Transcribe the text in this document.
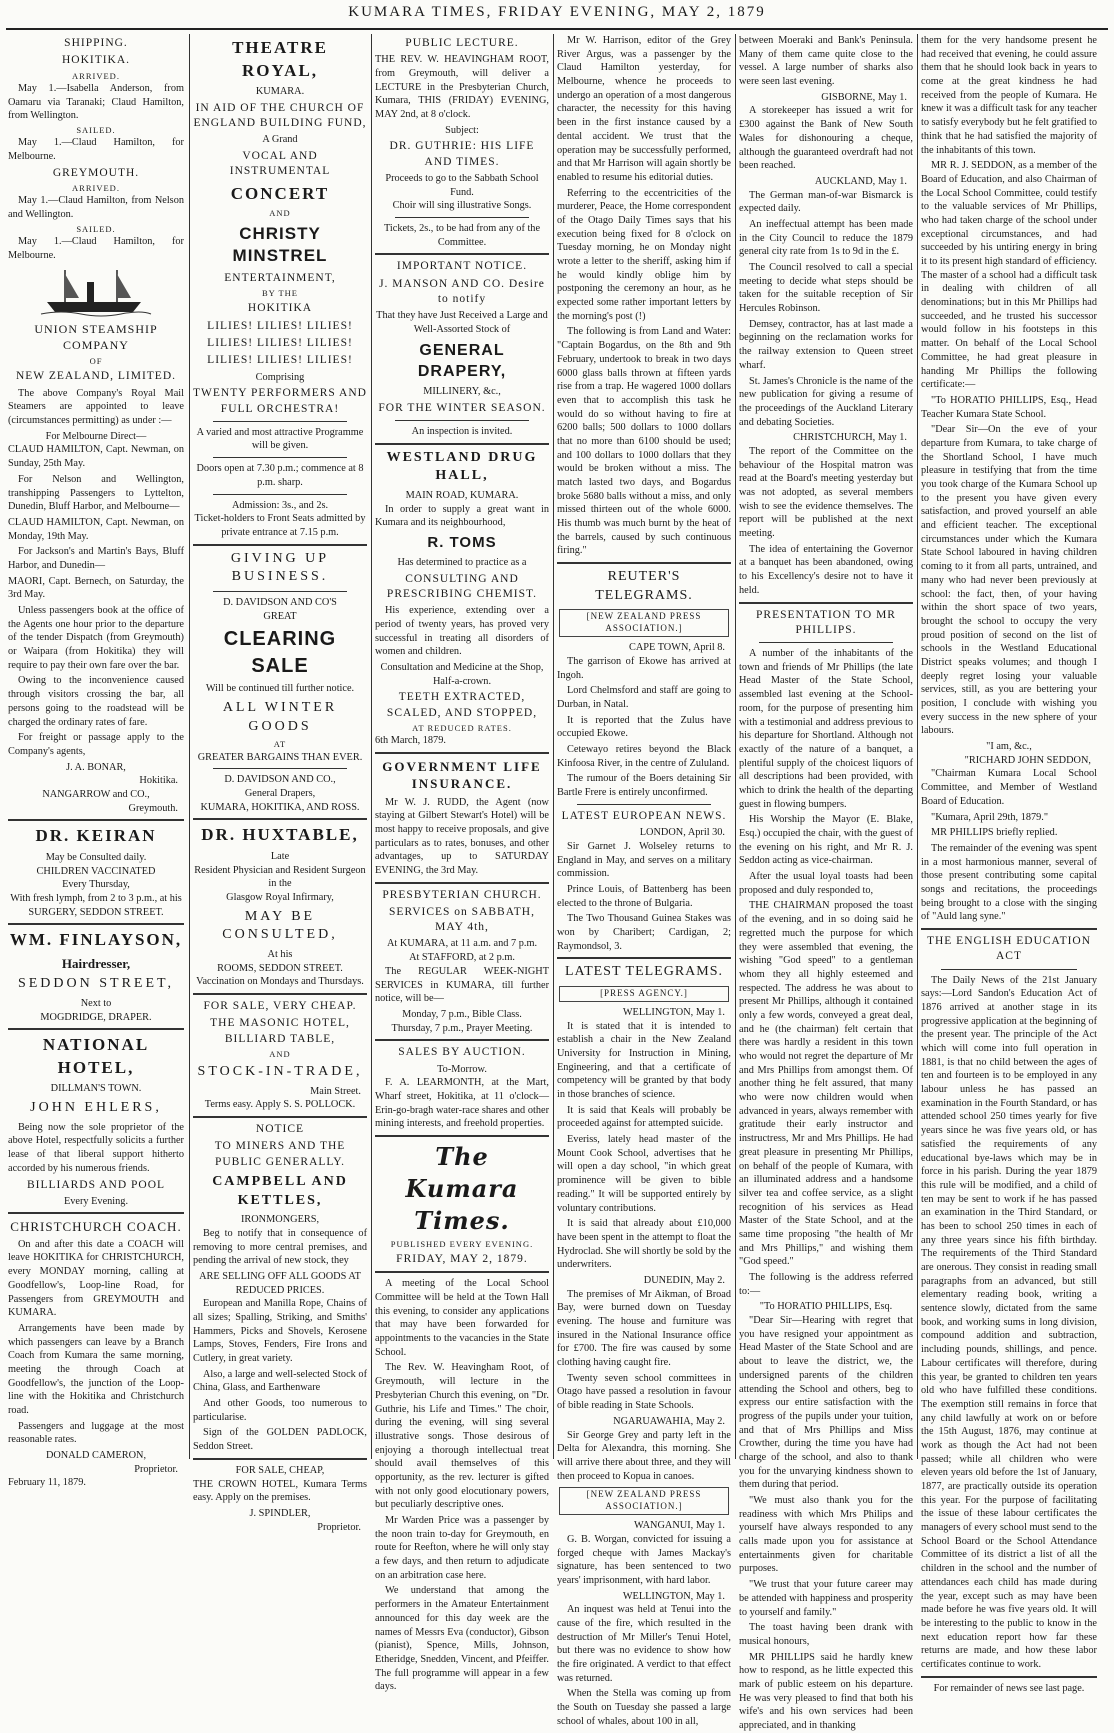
KUMARA TIMES, FRIDAY EVENING, MAY 2, 1879
SHIPPING.
HOKITIKA.
ARRIVED.

May 1.—Isabella Anderson, from Oamaru via Taranaki; Claud Hamilton, from Wellington.

SAILED.

May 1.—Claud Hamilton, for Melbourne.

GREYMOUTH.
ARRIVED.

May 1.—Claud Hamilton, from Nelson and Wellington.

SAILED.

May 1.—Claud Hamilton, for Melbourne.

UNION STEAMSHIP COMPANY
OF
NEW ZEALAND, LIMITED.

The above Company's Royal Mail Steamers are appointed to leave (circumstances permitting) as under :—

For Melbourne Direct—

CLAUD HAMILTON, Capt. Newman, on Sunday, 25th May.

For Nelson and Wellington, transhipping Passengers to Lyttelton, Dunedin, Bluff Harbor, and Melbourne—

CLAUD HAMILTON, Capt. Newman, on Monday, 19th May.

For Jackson's and Martin's Bays, Bluff Harbor, and Dunedin—

MAORI, Capt. Bernech, on Saturday, the 3rd May.

Unless passengers book at the office of the Agents one hour prior to the departure of the tender Dispatch (from Greymouth) or Waipara (from Hokitika) they will require to pay their own fare over the bar.

Owing to the inconvenience caused through visitors crossing the bar, all persons going to the roadstead will be charged the ordinary rates of fare.

For freight or passage apply to the Company's agents,

J. A. BONAR,
Hokitika.
NANGARROW and CO.,
Greymouth.
DR. KEIRAN
May be Consulted daily.
CHILDREN VACCINATED
Every Thursday,
With fresh lymph, from 2 to 3 p.m., at his
SURGERY, SEDDON STREET.
WM. FINLAYSON,
Hairdresser,
SEDDON STREET,
Next to
MOGDRIDGE, DRAPER.
NATIONAL HOTEL,
DILLMAN'S TOWN.
JOHN EHLERS,

Being now the sole proprietor of the above Hotel, respectfully solicits a further lease of that liberal support hitherto accorded by his numerous friends.

BILLIARDS AND POOL
Every Evening.
CHRISTCHURCH COACH.

On and after this date a COACH will leave HOKITIKA for CHRISTCHURCH, every MONDAY morning, calling at Goodfellow's, Loop-line Road, for Passengers from GREYMOUTH and KUMARA.

Arrangements have been made by which passengers can leave by a Branch Coach from Kumara the same morning, meeting the through Coach at Goodfellow's, the junction of the Loop-line with the Hokitika and Christchurch road.

Passengers and luggage at the most reasonable rates.

DONALD CAMERON,
Proprietor.
February 11, 1879.
THEATRE ROYAL,
KUMARA.
IN AID OF THE CHURCH OF ENGLAND BUILDING FUND,
A Grand
VOCAL AND INSTRUMENTAL
CONCERT
AND
CHRISTY MINSTREL
ENTERTAINMENT,
BY THE
HOKITIKA
LILIES! LILIES! LILIES!
LILIES! LILIES! LILIES!
LILIES! LILIES! LILIES!
Comprising
TWENTY PERFORMERS AND FULL ORCHESTRA!
A varied and most attractive Programme will be given.
Doors open at 7.30 p.m.; commence at 8 p.m. sharp.
Admission: 3s., and 2s.
Ticket-holders to Front Seats admitted by private entrance at 7.15 p.m.
GIVING UP BUSINESS.
D. DAVIDSON AND CO'S
GREAT
CLEARING SALE
Will be continued till further notice.
ALL WINTER GOODS
AT
GREATER BARGAINS THAN EVER.
D. DAVIDSON AND CO.,
General Drapers,
KUMARA, HOKITIKA, AND ROSS.
DR. HUXTABLE,
Late
Resident Physician and Resident Surgeon in the
Glasgow Royal Infirmary,
MAY BE CONSULTED,
At his
ROOMS, SEDDON STREET.
Vaccination on Mondays and Thursdays.
FOR SALE, VERY CHEAP.
THE MASONIC HOTEL, BILLIARD TABLE,
AND
STOCK-IN-TRADE,
Main Street.
Terms easy. Apply S. S. POLLOCK.
NOTICE
TO MINERS AND THE PUBLIC GENERALLY.
CAMPBELL AND KETTLES,
IRONMONGERS,

Beg to notify that in consequence of removing to more central premises, and pending the arrival of new stock, they

ARE SELLING OFF ALL GOODS AT REDUCED PRICES.

European and Manilla Rope, Chains of all sizes; Spalling, Striking, and Smiths' Hammers, Picks and Shovels, Kerosene Lamps, Stoves, Fenders, Fire Irons and Cutlery, in great variety.

Also, a large and well-selected Stock of China, Glass, and Earthenware

And other Goods, too numerous to particularise.

Sign of the GOLDEN PADLOCK, Seddon Street.

FOR SALE, CHEAP,

THE CROWN HOTEL, Kumara Terms easy. Apply on the premises.

J. SPINDLER,
Proprietor.
PUBLIC LECTURE.

THE REV. W. HEAVINGHAM ROOT, from Greymouth, will deliver a LECTURE in the Presbyterian Church, Kumara, THIS (FRIDAY) EVENING, MAY 2nd, at 8 o'clock.

Subject:
DR. GUTHRIE: HIS LIFE AND TIMES.
Proceeds to go to the Sabbath School Fund.
Choir will sing illustrative Songs.
Tickets, 2s., to be had from any of the Committee.
IMPORTANT NOTICE.
J. MANSON AND CO. Desire to notify
That they have Just Received a Large and Well-Assorted Stock of
GENERAL DRAPERY,
MILLINERY, &c.,
FOR THE WINTER SEASON.
An inspection is invited.
WESTLAND DRUG HALL,
MAIN ROAD, KUMARA.

In order to supply a great want in Kumara and its neighbourhood,

R. TOMS
Has determined to practice as a
CONSULTING AND PRESCRIBING CHEMIST.

His experience, extending over a period of twenty years, has proved very successful in treating all disorders of women and children.

Consultation and Medicine at the Shop, Half-a-crown.
TEETH EXTRACTED, SCALED, AND STOPPED,
AT REDUCED RATES.
6th March, 1879.
GOVERNMENT LIFE INSURANCE.

Mr W. J. RUDD, the Agent (now staying at Gilbert Stewart's Hotel) will be most happy to receive proposals, and give particulars as to rates, bonuses, and other advantages, up to SATURDAY EVENING, the 3rd May.

PRESBYTERIAN CHURCH.
SERVICES on SABBATH, MAY 4th,
At KUMARA, at 11 a.m. and 7 p.m.
At STAFFORD, at 2 p.m.

The REGULAR WEEK-NIGHT SERVICES in KUMARA, till further notice, will be—

Monday, 7 p.m., Bible Class.
Thursday, 7 p.m., Prayer Meeting.
SALES BY AUCTION.
To-Morrow.

F. A. LEARMONTH, at the Mart, Wharf street, Hokitika, at 11 o'clock—Erin-go-bragh water-race shares and other mining interests, and freehold properties.

The Kumara Times.
PUBLISHED EVERY EVENING.
FRIDAY, MAY 2, 1879.

A meeting of the Local School Committee will be held at the Town Hall this evening, to consider any applications that may have been forwarded for appointments to the vacancies in the State School.

The Rev. W. Heavingham Root, of Greymouth, will lecture in the Presbyterian Church this evening, on "Dr. Guthrie, his Life and Times." The choir, during the evening, will sing several illustrative songs. Those desirous of enjoying a thorough intellectual treat should avail themselves of this opportunity, as the rev. lecturer is gifted with not only good elocutionary powers, but peculiarly descriptive ones.

Mr Warden Price was a passenger by the noon train to-day for Greymouth, en route for Reefton, where he will only stay a few days, and then return to adjudicate on an arbitration case here.

We understand that among the performers in the Amateur Entertainment announced for this day week are the names of Messrs Eva (conductor), Gibson (pianist), Spence, Mills, Johnson, Etheridge, Snedden, Vincent, and Pfeiffer. The full programme will appear in a few days.

Mr W. Harrison, editor of the Grey River Argus, was a passenger by the Claud Hamilton yesterday, for Melbourne, whence he proceeds to undergo an operation of a most dangerous character, the necessity for this having been in the first instance caused by a dental accident. We trust that the operation may be successfully performed, and that Mr Harrison will again shortly be enabled to resume his editorial duties.

Referring to the eccentricities of the murderer, Peace, the Home correspondent of the Otago Daily Times says that his execution being fixed for 8 o'clock on Tuesday morning, he on Monday night wrote a letter to the sheriff, asking him if he would kindly oblige him by postponing the ceremony an hour, as he expected some rather important letters by the morning's post (!)

The following is from Land and Water: "Captain Bogardus, on the 8th and 9th February, undertook to break in two days 6000 glass balls thrown at fifteen yards rise from a trap. He wagered 1000 dollars even that to accomplish this task he would do so without having to fire at 6200 balls; 500 dollars to 1000 dollars that no more than 6100 should be used; and 100 dollars to 1000 dollars that they would be broken without a miss. The match lasted two days, and Bogardus broke 5680 balls without a miss, and only missed thirteen out of the whole 6000. His thumb was much burnt by the heat of the barrels, caused by such continuous firing."

REUTER'S TELEGRAMS.
[NEW ZEALAND PRESS ASSOCIATION.]
CAPE TOWN, April 8.

The garrison of Ekowe has arrived at Ingoh.

Lord Chelmsford and staff are going to Durban, in Natal.

It is reported that the Zulus have occupied Ekowe.

Cetewayo retires beyond the Black Kinfoosa River, in the centre of Zululand.

The rumour of the Boers detaining Sir Bartle Frere is entirely unconfirmed.

LATEST EUROPEAN NEWS.
LONDON, April 30.

Sir Garnet J. Wolseley returns to England in May, and serves on a military commission.

Prince Louis, of Battenberg has been elected to the throne of Bulgaria.

The Two Thousand Guinea Stakes was won by Charibert; Cardigan, 2; Raymondsol, 3.

LATEST TELEGRAMS.
[PRESS AGENCY.]
WELLINGTON, May 1.

It is stated that it is intended to establish a chair in the New Zealand University for Instruction in Mining, Engineering, and that a certificate of competency will be granted by that body in those branches of science.

It is said that Keals will probably be proceeded against for attempted suicide.

Everiss, lately head master of the Mount Cook School, advertises that he will open a day school, "in which great prominence will be given to bible reading." It will be supported entirely by voluntary contributions.

It is said that already about £10,000 have been spent in the attempt to float the Hydroclad. She will shortly be sold by the underwriters.

DUNEDIN, May 2.

The premises of Mr Aikman, of Broad Bay, were burned down on Tuesday evening. The house and furniture was insured in the National Insurance office for £700. The fire was caused by some clothing having caught fire.

Twenty seven school committees in Otago have passed a resolution in favour of bible reading in State Schools.

NGARUAWAHIA, May 2.

Sir George Grey and party left in the Delta for Alexandra, this morning. She will arrive there about three, and they will then proceed to Kopua in canoes.

[NEW ZEALAND PRESS ASSOCIATION.]
WANGANUI, May 1.

G. B. Worgan, convicted for issuing a forged cheque with James Mackay's signature, has been sentenced to two years' imprisonment, with hard labor.

WELLINGTON, May 1.

An inquest was held at Tenui into the cause of the fire, which resulted in the destruction of Mr Miller's Tenui Hotel, but there was no evidence to show how the fire originated. A verdict to that effect was returned.

When the Stella was coming up from the South on Tuesday she passed a large school of whales, about 100 in all,

between Moeraki and Bank's Peninsula. Many of them came quite close to the vessel. A large number of sharks also were seen last evening.

GISBORNE, May 1.

A storekeeper has issued a writ for £300 against the Bank of New South Wales for dishonouring a cheque, although the guaranteed overdraft had not been reached.

AUCKLAND, May 1.

The German man-of-war Bismarck is expected daily.

An ineffectual attempt has been made in the City Council to reduce the 1879 general city rate from 1s to 9d in the £.

The Council resolved to call a special meeting to decide what steps should be taken for the suitable reception of Sir Hercules Robinson.

Demsey, contractor, has at last made a beginning on the reclamation works for the railway extension to Queen street wharf.

St. James's Chronicle is the name of the new publication for giving a resume of the proceedings of the Auckland Literary and debating Societies.

CHRISTCHURCH, May 1.

The report of the Committee on the behaviour of the Hospital matron was read at the Board's meeting yesterday but was not adopted, as several members wish to see the evidence themselves. The report will be published at the next meeting.

The idea of entertaining the Governor at a banquet has been abandoned, owing to his Excellency's desire not to have it held.

PRESENTATION TO MR PHILLIPS.

A number of the inhabitants of the town and friends of Mr Phillips (the late Head Master of the State School, assembled last evening at the School-room, for the purpose of presenting him with a testimonial and address previous to his departure for Shortland. Although not exactly of the nature of a banquet, a plentiful supply of the choicest liquors of all descriptions had been provided, with which to drink the health of the departing guest in flowing bumpers.

His Worship the Mayor (E. Blake, Esq.) occupied the chair, with the guest of the evening on his right, and Mr R. J. Seddon acting as vice-chairman.

After the usual loyal toasts had been proposed and duly responded to,

THE CHAIRMAN proposed the toast of the evening, and in so doing said he regretted much the purpose for which they were assembled that evening, the wishing "God speed" to a gentleman whom they all highly esteemed and respected. The address he was about to present Mr Phillips, although it contained only a few words, conveyed a great deal, and he (the chairman) felt certain that there was hardly a resident in this town who would not regret the departure of Mr and Mrs Phillips from amongst them. Of another thing he felt assured, that many who were now children would when advanced in years, always remember with gratitude their early instructor and instructress, Mr and Mrs Phillips. He had great pleasure in presenting Mr Phillips, on behalf of the people of Kumara, with an illuminated address and a handsome silver tea and coffee service, as a slight recognition of his services as Head Master of the State School, and at the same time proposing "the health of Mr and Mrs Phillips," and wishing them "God speed."

The following is the address referred to:—

"To HORATIO PHILLIPS, Esq.

"Dear Sir—Hearing with regret that you have resigned your appointment as Head Master of the State School and are about to leave the district, we, the undersigned parents of the children attending the School and others, beg to express our entire satisfaction with the progress of the pupils under your tuition, and that of Mrs Phillips and Miss Crowther, during the time you have had charge of the school, and also to thank you for the unvarying kindness shown to them during that period.

"We must also thank you for the readiness with which Mrs Philips and yourself have always responded to any calls made upon you for assistance at entertainments given for charitable purposes.

"We trust that your future career may be attended with happiness and prosperity to yourself and family."

The toast having been drank with musical honours,

MR PHILLIPS said he hardly knew how to respond, as he little expected this mark of public esteem on his departure. He was very pleased to find that both his wife's and his own services had been appreciated, and in thanking

them for the very handsome present he had received that evening, he could assure them that he should look back in years to come at the great kindness he had received from the people of Kumara. He knew it was a difficult task for any teacher to satisfy everybody but he felt gratified to think that he had satisfied the majority of the inhabitants of this town.

MR R. J. SEDDON, as a member of the Board of Education, and also Chairman of the Local School Committee, could testify to the valuable services of Mr Phillips, who had taken charge of the school under exceptional circumstances, and had succeeded by his untiring energy in bring it to its present high standard of efficiency. The master of a school had a difficult task in dealing with children of all denominations; but in this Mr Phillips had succeeded, and he trusted his successor would follow in his footsteps in this matter. On behalf of the Local School Committee, he had great pleasure in handing Mr Phillips the following certificate:—

"To HORATIO PHILLIPS, Esq., Head Teacher Kumara State School.

"Dear Sir—On the eve of your departure from Kumara, to take charge of the Shortland School, I have much pleasure in testifying that from the time you took charge of the Kumara School up to the present you have given every satisfaction, and proved yourself an able and efficient teacher. The exceptional circumstances under which the Kumara State School laboured in having children coming to it from all parts, untrained, and many who had never been previously at school: the fact, then, of your having within the short space of two years, brought the school to occupy the very proud position of second on the list of schools in the Westland Educational District speaks volumes; and though I deeply regret losing your valuable services, still, as you are bettering your position, I conclude with wishing you every success in the new sphere of your labours.

"I am, &c.,
"RICHARD JOHN SEDDON,

"Chairman Kumara Local School Committee, and Member of Westland Board of Education.

"Kumara, April 29th, 1879."

MR PHILLIPS briefly replied.

The remainder of the evening was spent in a most harmonious manner, several of those present contributing some capital songs and recitations, the proceedings being brought to a close with the singing of "Auld lang syne."

THE ENGLISH EDUCATION ACT

The Daily News of the 21st January says:—Lord Sandon's Education Act of 1876 arrived at another stage in its progressive application at the beginning of the present year. The principle of the Act which will come into full operation in 1881, is that no child between the ages of ten and fourteen is to be employed in any labour unless he has passed an examination in the Fourth Standard, or has attended school 250 times yearly for five years since he was five years old, or has satisfied the requirements of any educational bye-laws which may be in force in his parish. During the year 1879 this rule will be modified, and a child of ten may be sent to work if he has passed an examination in the Third Standard, or has been to school 250 times in each of any three years since his fifth birthday. The requirements of the Third Standard are onerous. They consist in reading small paragraphs from an advanced, but still elementary reading book, writing a sentence slowly, dictated from the same book, and working sums in long division, compound addition and subtraction, including pounds, shillings, and pence. Labour certificates will therefore, during this year, be granted to children ten years old who have fulfilled these conditions. The exemption still remains in force that any child lawfully at work on or before the 15th August, 1876, may continue at work as though the Act had not been passed; while all children who were eleven years old before the 1st of January, 1877, are practically outside its operation this year. For the purpose of facilitating the issue of these labour certificates the managers of every school must send to the School Board or the School Attendance Committee of its district a list of all the children in the school and the number of attendances each child has made during the year, except such as may have been made before he was five years old. It will be interesting to the public to know in the next education report how far these returns are made, and how these labor certificates continue to work.

For remainder of news see last page.
